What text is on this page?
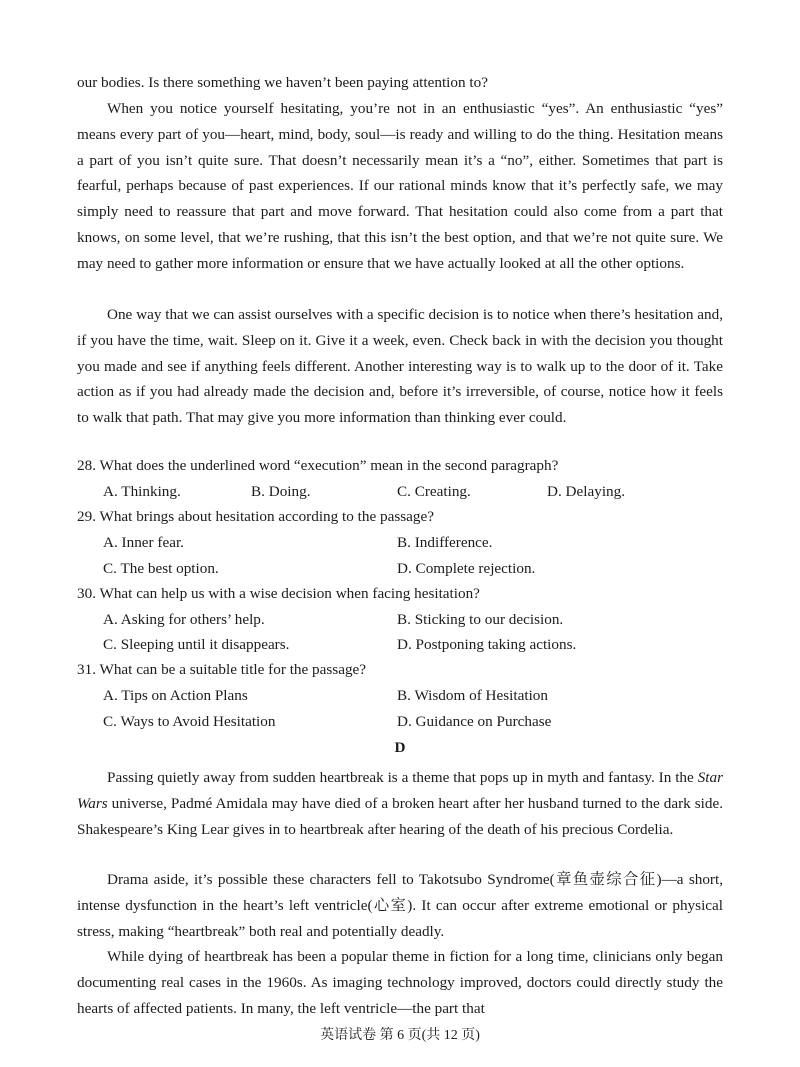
our bodies. Is there something we haven’t been paying attention to?

When you notice yourself hesitating, you’re not in an enthusiastic “yes”. An enthusiastic “yes” means every part of you—heart, mind, body, soul—is ready and willing to do the thing. Hesitation means a part of you isn’t quite sure. That doesn’t necessarily mean it’s a “no”, either. Sometimes that part is fearful, perhaps because of past experiences. If our rational minds know that it’s perfectly safe, we may simply need to reassure that part and move forward. That hesitation could also come from a part that knows, on some level, that we’re rushing, that this isn’t the best option, and that we’re not quite sure. We may need to gather more information or ensure that we have actually looked at all the other options.

One way that we can assist ourselves with a specific decision is to notice when there’s hesitation and, if you have the time, wait. Sleep on it. Give it a week, even. Check back in with the decision you thought you made and see if anything feels different. Another interesting way is to walk up to the door of it. Take action as if you had already made the decision and, before it’s irreversible, of course, notice how it feels to walk that path. That may give you more information than thinking ever could.

28. What does the underlined word “execution” mean in the second paragraph?

A. Thinking.	B. Doing.	C. Creating.	D. Delaying.

29. What brings about hesitation according to the passage?

A. Inner fear.	B. Indifference.

C. The best option.	D. Complete rejection.

30. What can help us with a wise decision when facing hesitation?

A. Asking for others’ help.	B. Sticking to our decision.

C. Sleeping until it disappears.	D. Postponing taking actions.

31. What can be a suitable title for the passage?

A. Tips on Action Plans	B. Wisdom of Hesitation

C. Ways to Avoid Hesitation	D. Guidance on Purchase

D

Passing quietly away from sudden heartbreak is a theme that pops up in myth and fantasy. In the Star Wars universe, Padmé Amidala may have died of a broken heart after her husband turned to the dark side. Shakespeare’s King Lear gives in to heartbreak after hearing of the death of his precious Cordelia.

Drama aside, it’s possible these characters fell to Takotsubo Syndrome(章鱼壶综合征)—a short, intense dysfunction in the heart’s left ventricle(心室). It can occur after extreme emotional or physical stress, making “heartbreak” both real and potentially deadly.

While dying of heartbreak has been a popular theme in fiction for a long time, clinicians only began documenting real cases in the 1960s. As imaging technology improved, doctors could directly study the hearts of affected patients. In many, the left ventricle—the part that

英语试卷 第 6 页(共 12 页)
